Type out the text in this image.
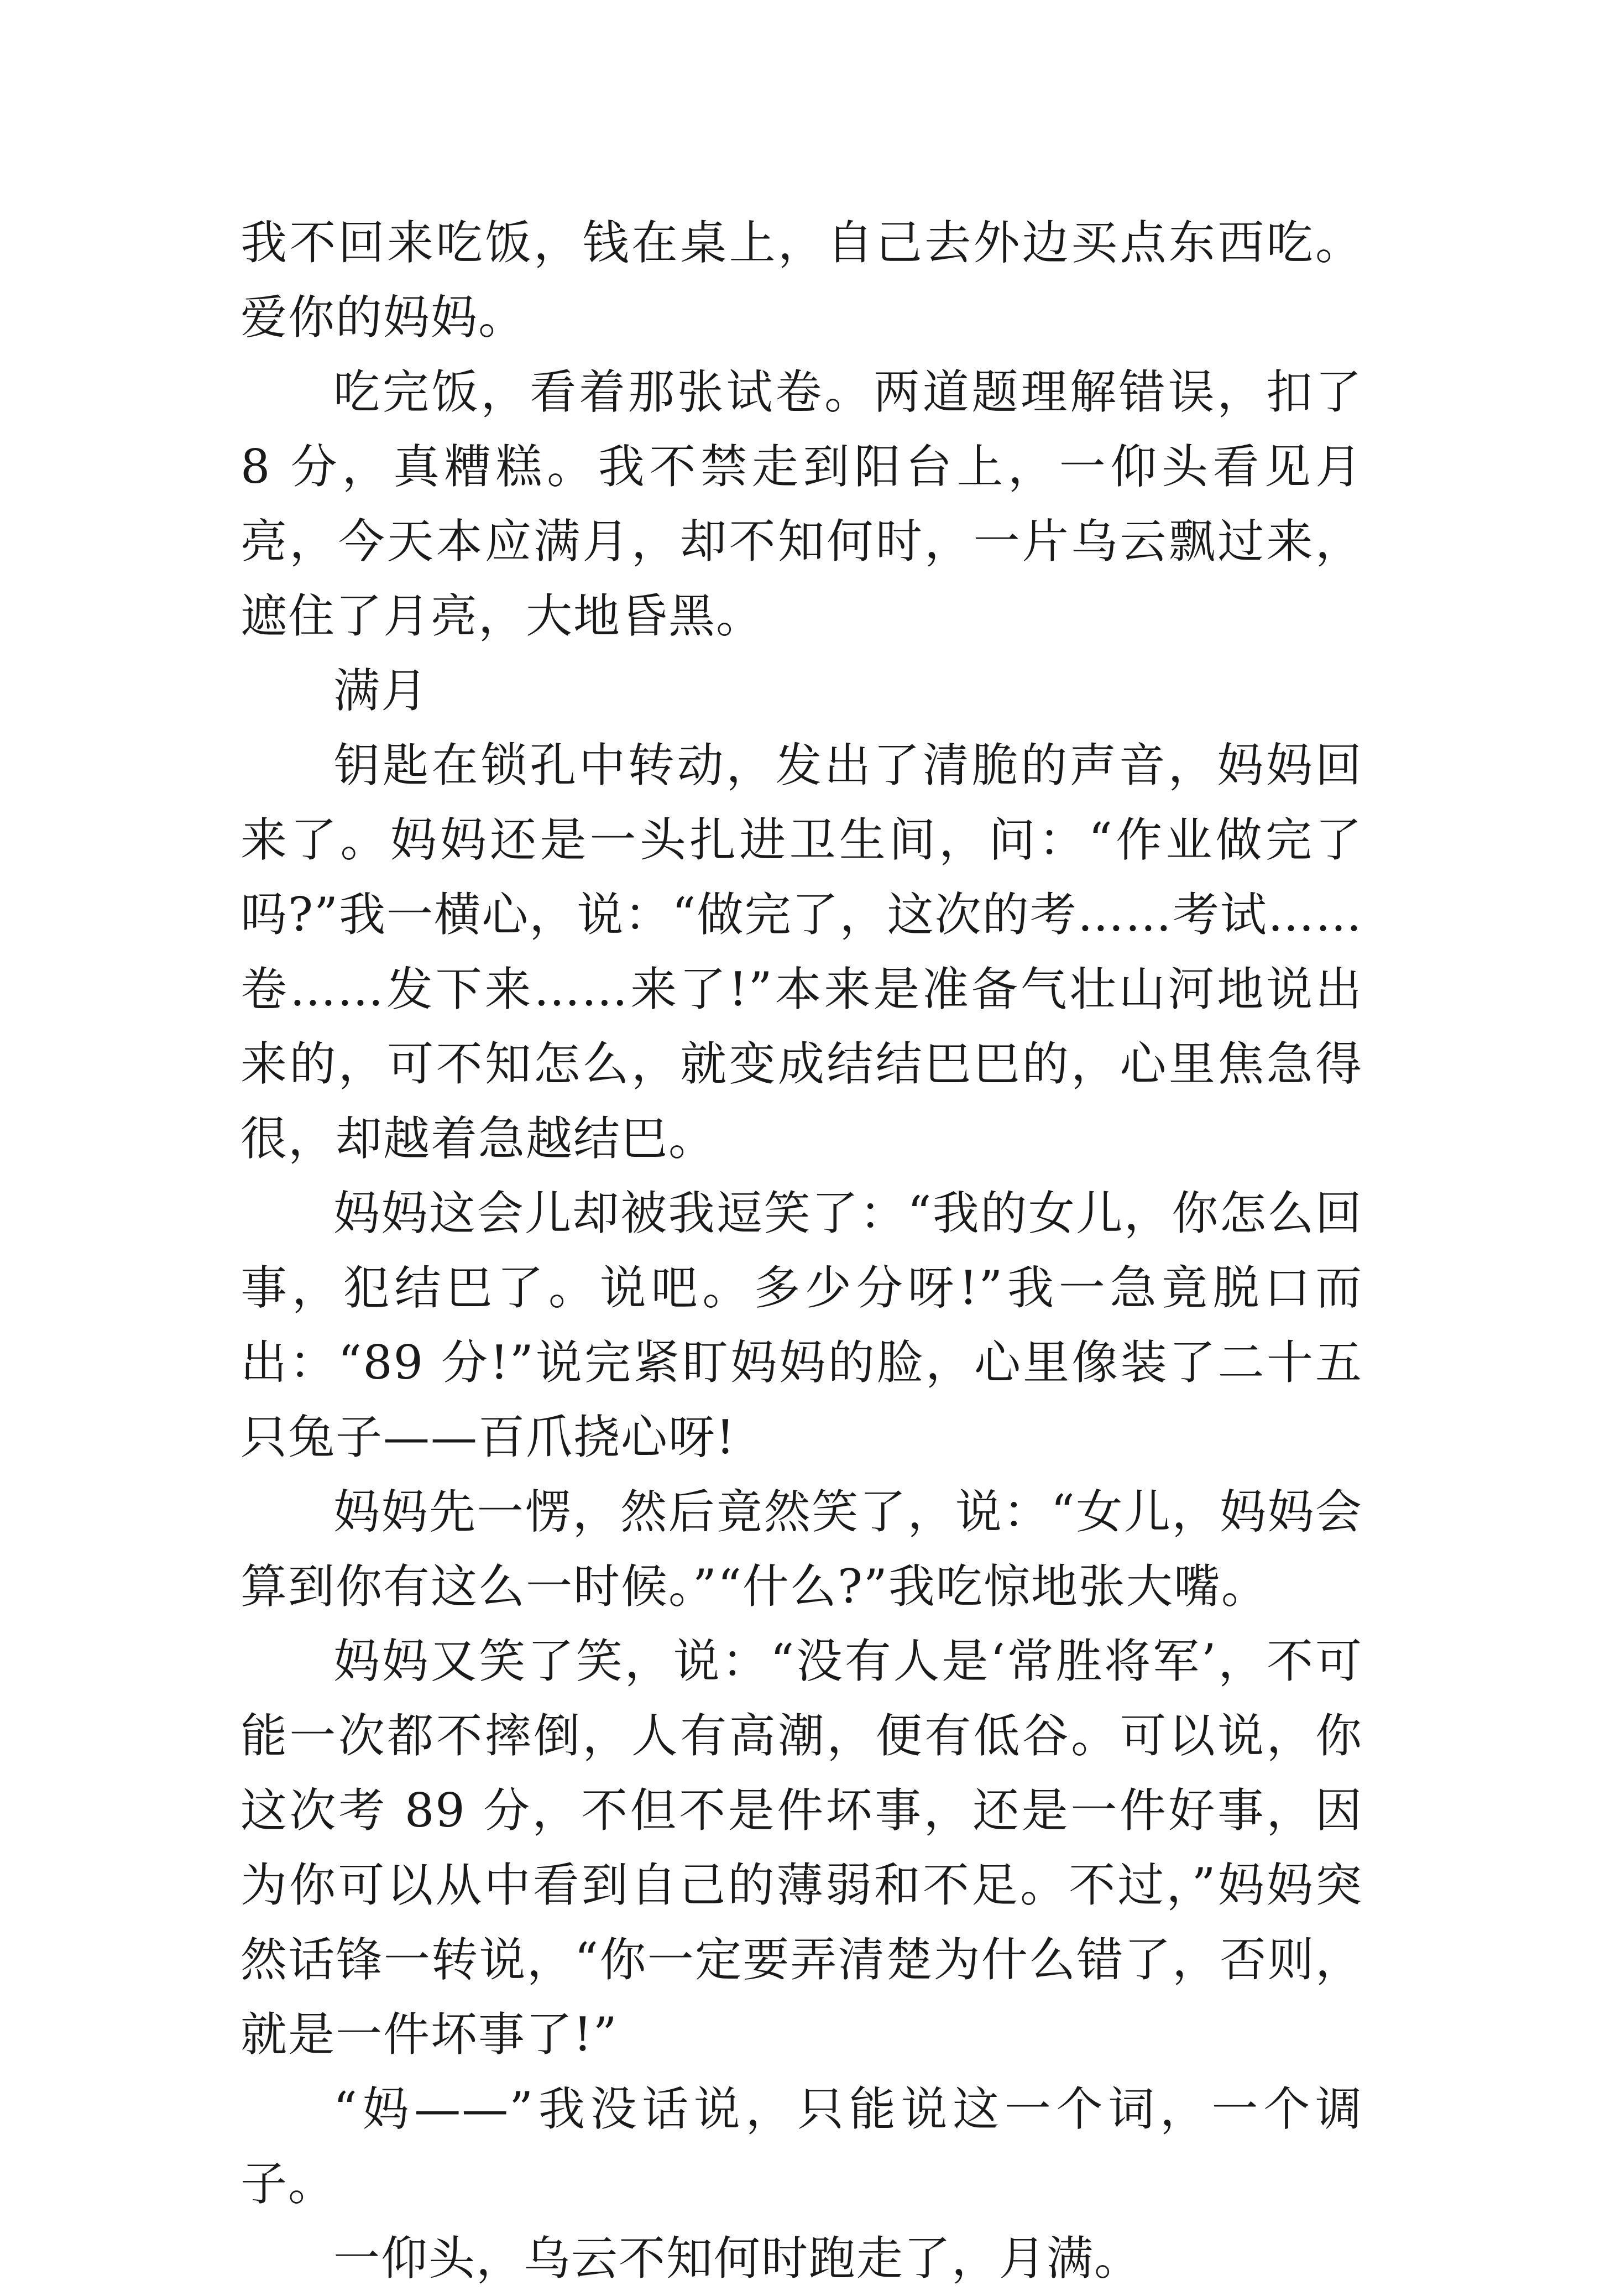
我不回来吃饭，钱在桌上，自己去外边买点东西吃。爱你的妈妈。

吃完饭，看着那张试卷。两道题理解错误，扣了 8 分，真糟糕。我不禁走到阳台上，一仰头看见月亮，今天本应满月，却不知何时，一片乌云飘过来，遮住了月亮，大地昏黑。

满月

钥匙在锁孔中转动，发出了清脆的声音，妈妈回来了。妈妈还是一头扎进卫生间，问：“作业做完了吗?”我一横心，说：“做完了，这次的考……考试……卷……发下来……来了!”本来是准备气壮山河地说出来的，可不知怎么，就变成结结巴巴的，心里焦急得很，却越着急越结巴。

妈妈这会儿却被我逗笑了：“我的女儿，你怎么回事，犯结巴了。说吧。多少分呀!”我一急竟脱口而出：“89 分!”说完紧盯妈妈的脸，心里像装了二十五只兔子——百爪挠心呀!

妈妈先一愣，然后竟然笑了，说：“女儿，妈妈会算到你有这么一时候。”“什么?”我吃惊地张大嘴。

妈妈又笑了笑，说：“没有人是‘常胜将军’，不可能一次都不摔倒，人有高潮，便有低谷。可以说，你这次考 89 分，不但不是件坏事，还是一件好事，因为你可以从中看到自己的薄弱和不足。不过，”妈妈突然话锋一转说，“你一定要弄清楚为什么错了，否则，就是一件坏事了!”

“妈——”我没话说，只能说这一个词，一个调子。

一仰头，乌云不知何时跑走了，月满。
